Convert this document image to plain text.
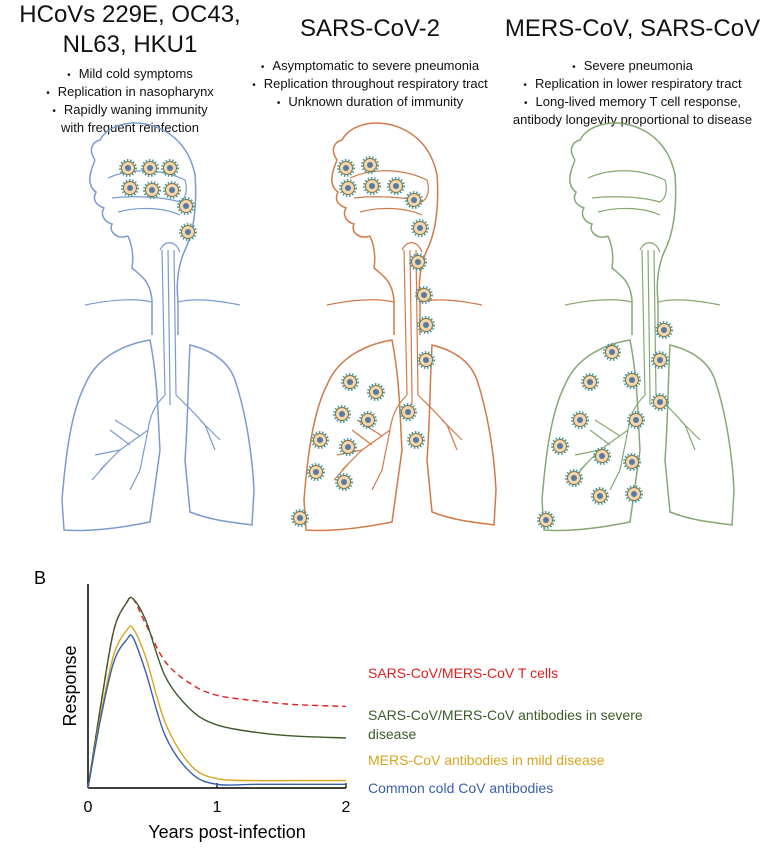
HCoVs 229E, OC43,
NL63, HKU1
• Mild cold symptoms
• Replication in nasopharynx
• Rapidly waning immunity
with frequent reinfection
SARS-CoV-2
• Asymptomatic to severe pneumonia
• Replication throughout respiratory tract
• Unknown duration of immunity
MERS-CoV, SARS-CoV
• Severe pneumonia
• Replication in lower respiratory tract
• Long-lived memory T cell response,
antibody longevity proportional to disease
B
0	1	2
Years post-infection
Response	SARS-CoV/MERS-CoV T cells
SARS-CoV/MERS-CoV antibodies in severe disease
MERS-CoV antibodies in mild disease
Common cold CoV antibodies
